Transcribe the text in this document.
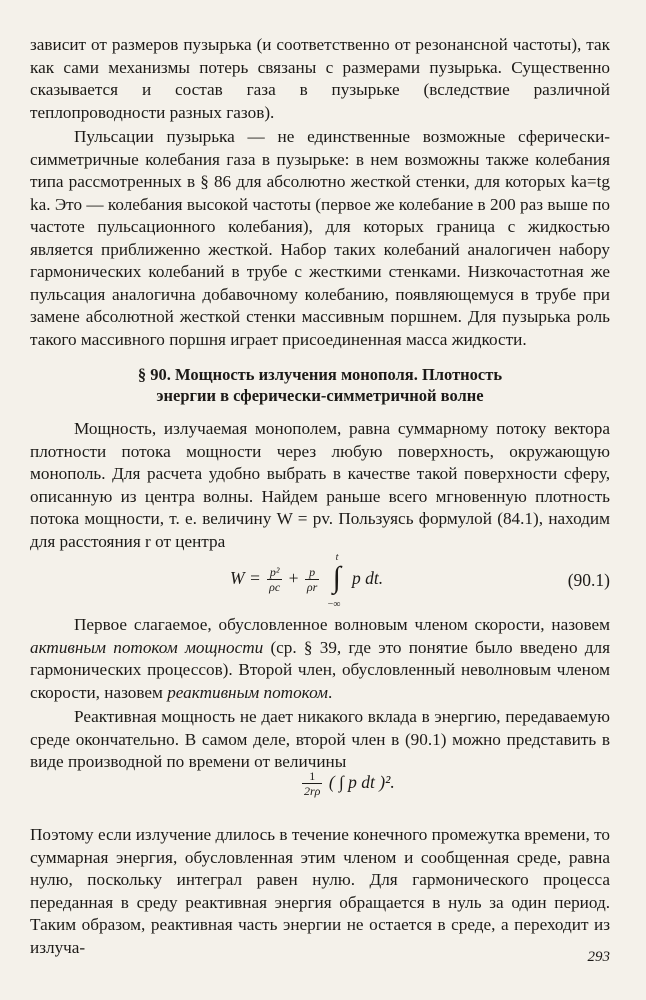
зависит от размеров пузырька (и соответственно от резонансной частоты), так как сами механизмы потерь связаны с размерами пузырька. Существенно сказывается и состав газа в пузырьке (вследствие различной теплопроводности разных газов).

Пульсации пузырька — не единственные возможные сферически-симметричные колебания газа в пузырьке: в нем возможны также колебания типа рассмотренных в § 86 для абсолютно жесткой стенки, для которых ka=tg ka. Это — колебания высокой частоты (первое же колебание в 200 раз выше по частоте пульсационного колебания), для которых граница с жидкостью является приближенно жесткой. Набор таких колебаний аналогичен набору гармонических колебаний в трубе с жесткими стенками. Низкочастотная же пульсация аналогична добавочному колебанию, появляющемуся в трубе при замене абсолютной жесткой стенки массивным поршнем. Для пузырька роль такого массивного поршня играет присоединенная масса жидкости.

§ 90. Мощность излучения монополя. Плотность
энергии в сферически-симметричной волне

Мощность, излучаемая монополем, равна суммарному потоку вектора плотности потока мощности через любую поверхность, окружающую монополь. Для расчета удобно выбрать в качестве такой поверхности сферу, описанную из центра волны. Найдем раньше всего мгновенную плотность потока мощности, т. е. величину W = pv. Пользуясь формулой (84.1), находим для расстояния r от центра

$W = \frac{\text{p²}}{\rho c} + \frac{p}{\rho r}$

t
∫
−∞
p dt.	(90.1)

Первое слагаемое, обусловленное волновым членом скорости, назовем активным потоком мощности (ср. § 39, где это понятие было введено для гармонических процессов). Второй член, обусловленный неволновым членом скорости, назовем реактивным потоком.

Реактивная мощность не дает никакого вклада в энергию, передаваемую среде окончательно. В самом деле, второй член в (90.1) можно представить в виде производной по времени от величины

$\frac{1}{2r\rho}$ ( ∫ p dt )².

Поэтому если излучение длилось в течение конечного промежутка времени, то суммарная энергия, обусловленная этим членом и сообщенная среде, равна нулю, поскольку интеграл равен нулю. Для гармонического процесса переданная в среду реактивная энергия обращается в нуль за один период. Таким образом, реактивная часть энергии не остается в среде, а переходит из излуча-

293
